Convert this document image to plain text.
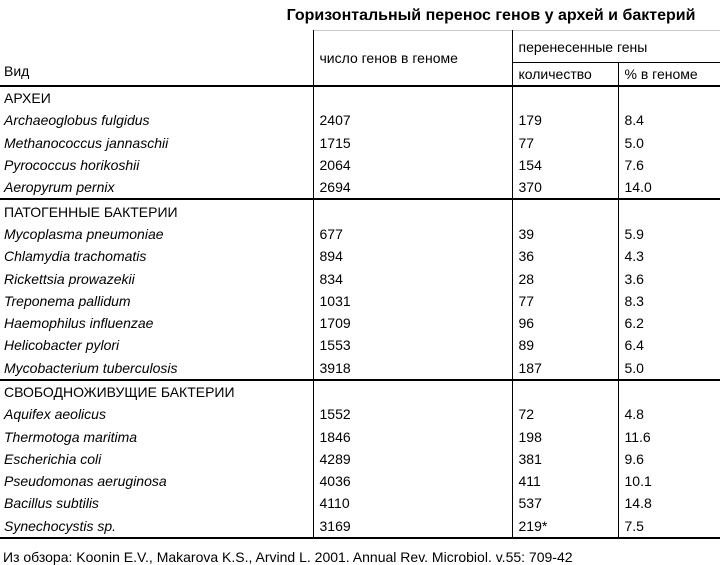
Горизонтальный перенос генов у архей и бактерий
Вид	число генов в геноме	перенесенные гены	
		количество	% в геноме
АРХЕИ			
Archaeoglobus fulgidus	2407	179	8.4
Methanococcus jannaschii	1715	77	5.0
Pyrococcus horikoshii	2064	154	7.6
Aeropyrum pernix	2694	370	14.0
ПАТОГЕННЫЕ БАКТЕРИИ			
Mycoplasma pneumoniae	677	39	5.9
Chlamydia trachomatis	894	36	4.3
Rickettsia prowazekii	834	28	3.6
Treponema pallidum	1031	77	8.3
Haemophilus influenzae	1709	96	6.2
Helicobacter pylori	1553	89	6.4
Mycobacterium tuberculosis	3918	187	5.0
СВОБОДНОЖИВУЩИЕ БАКТЕРИИ			
Aquifex aeolicus	1552	72	4.8
Thermotoga maritima	1846	198	11.6
Escherichia coli	4289	381	9.6
Pseudomonas aeruginosa	4036	411	10.1
Bacillus subtilis	4110	537	14.8
Synechocystis sp.	3169	219*	7.5
Из обзора: Koonin E.V., Makarova K.S., Arvind L. 2001. Annual Rev. Microbiol. v.55: 709-42
